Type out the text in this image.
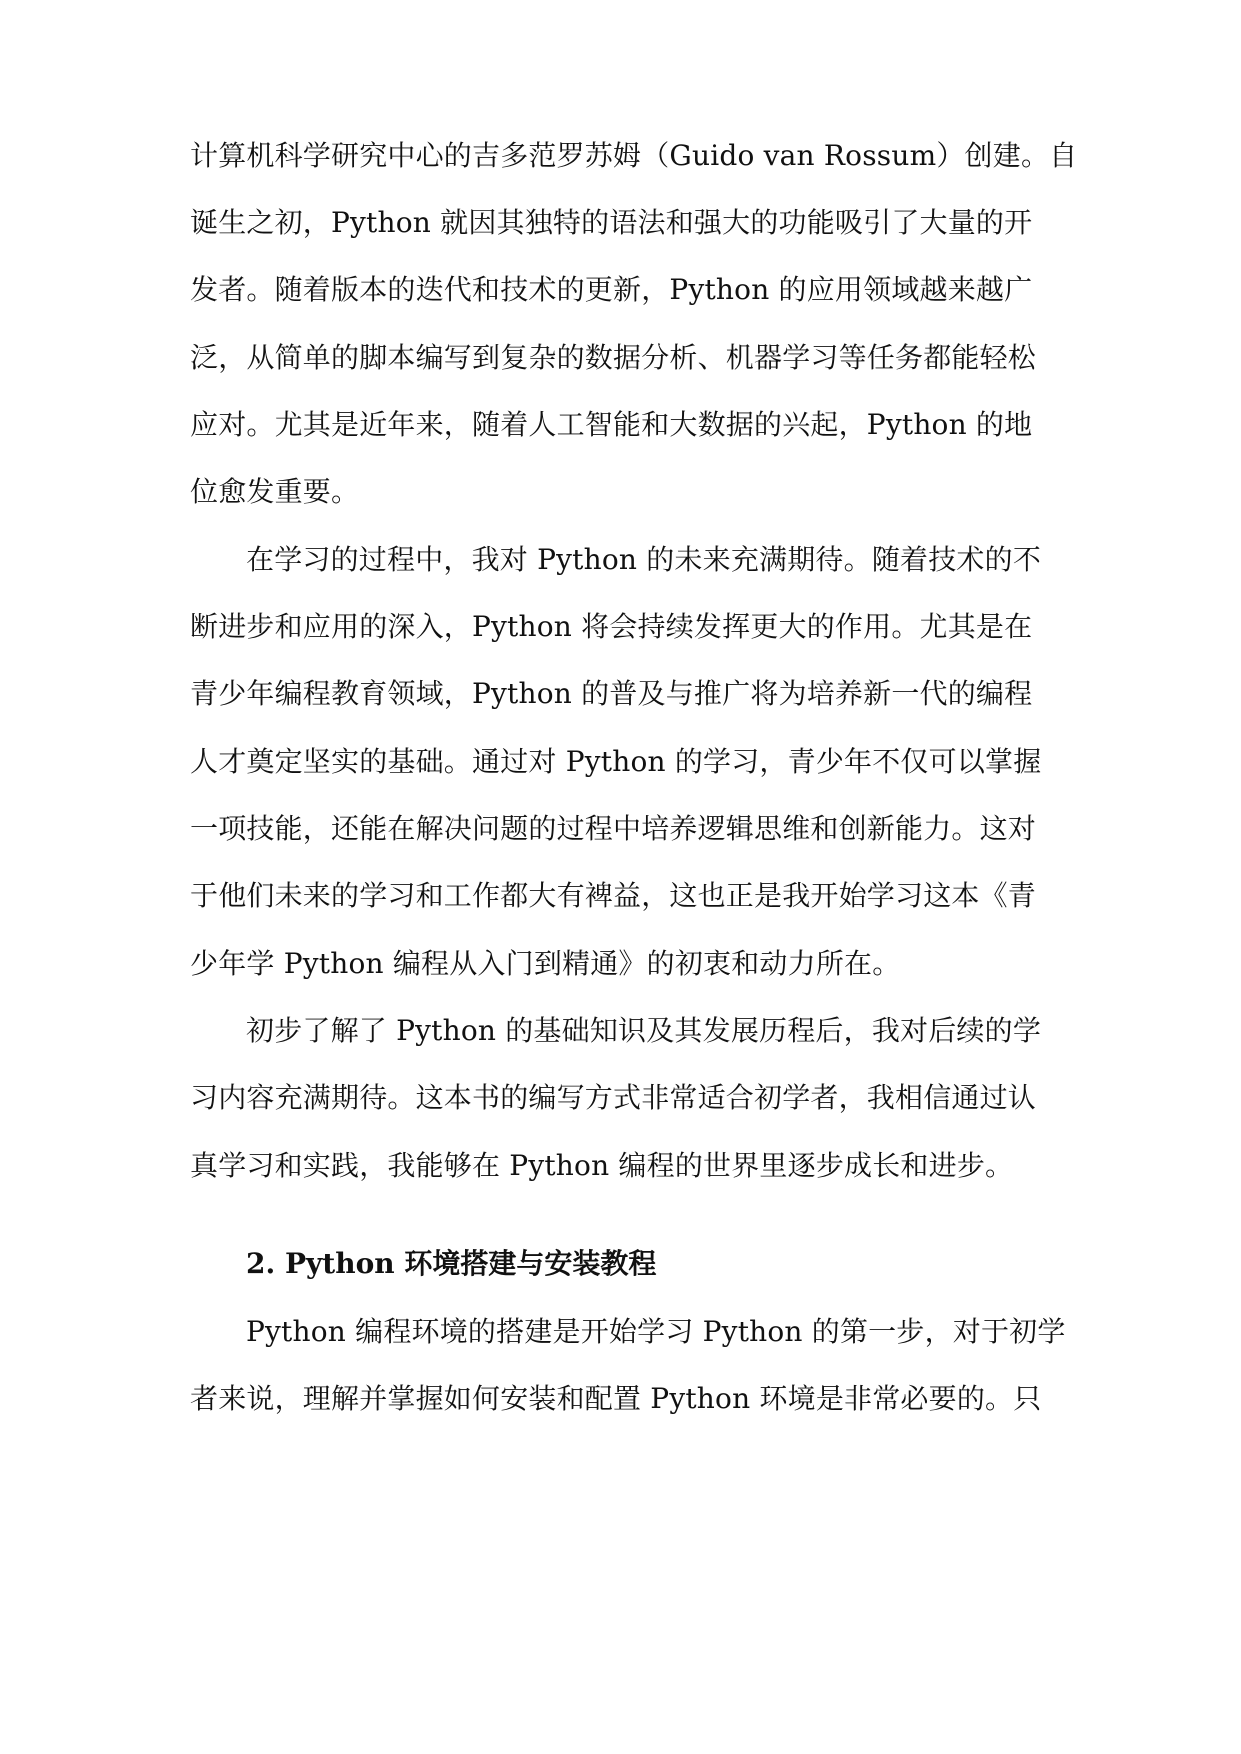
计算机科学研究中心的吉多范罗苏姆（Guido van Rossum）创建。自
诞生之初，Python 就因其独特的语法和强大的功能吸引了大量的开
发者。随着版本的迭代和技术的更新，Python 的应用领域越来越广
泛，从简单的脚本编写到复杂的数据分析、机器学习等任务都能轻松
应对。尤其是近年来，随着人工智能和大数据的兴起，Python 的地
位愈发重要。
在学习的过程中，我对 Python 的未来充满期待。随着技术的不
断进步和应用的深入，Python 将会持续发挥更大的作用。尤其是在
青少年编程教育领域，Python 的普及与推广将为培养新一代的编程
人才奠定坚实的基础。通过对 Python 的学习，青少年不仅可以掌握
一项技能，还能在解决问题的过程中培养逻辑思维和创新能力。这对
于他们未来的学习和工作都大有裨益，这也正是我开始学习这本《青
少年学 Python 编程从入门到精通》的初衷和动力所在。
初步了解了 Python 的基础知识及其发展历程后，我对后续的学
习内容充满期待。这本书的编写方式非常适合初学者，我相信通过认
真学习和实践，我能够在 Python 编程的世界里逐步成长和进步。
2. Python 环境搭建与安装教程
Python 编程环境的搭建是开始学习 Python 的第一步，对于初学
者来说，理解并掌握如何安装和配置 Python 环境是非常必要的。只
